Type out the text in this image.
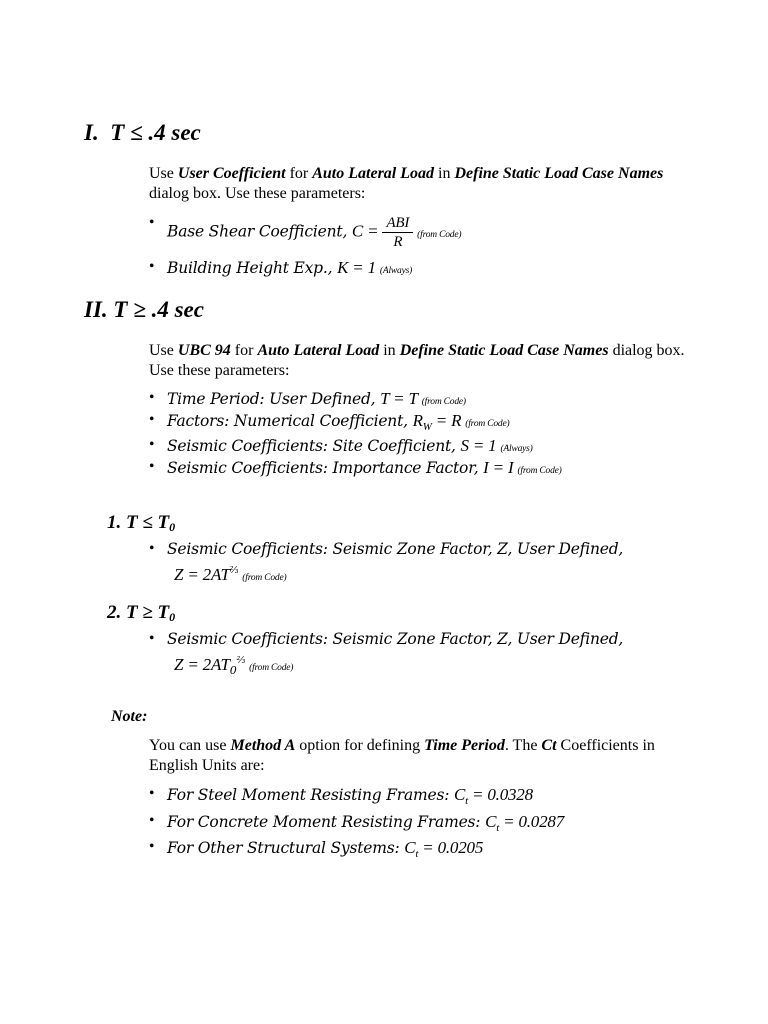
I. T ≤ .4 sec
Use User Coefficient for Auto Lateral Load in Define Static Load Case Names dialog box. Use these parameters:
• Base Shear Coefficient, $C = \frac{\text{ABI}}{R}$ (from Code)
• Building Height Exp., K = 1 (Always)
II. T ≥ .4 sec
Use UBC 94 for Auto Lateral Load in Define Static Load Case Names dialog box. Use these parameters:
• Time Period: User Defined, T = T (from Code)
• Factors: Numerical Coefficient, $R_W = R$ (from Code)
• Seismic Coefficients: Site Coefficient, S = 1 (Always)
• Seismic Coefficients: Importance Factor, I = I (from Code)
1. $T \le T_0$
• Seismic Coefficients: Seismic Zone Factor, Z, User Defined,
$Z = 2AT^{\frac{2}{3}}(from$ Code)
2. $T \ge T_0$
• Seismic Coefficients: Seismic Zone Factor, Z, User Defined,
$Z = 2AT_0^{\frac{2}{3}}(from$ Code)
Note:
You can use Method A option for defining Time Period. The Ct Coefficients in English Units are:
• For Steel Moment Resisting Frames: $C_t = 0.0328$
• For Concrete Moment Resisting Frames: $C_t = 0.0287$
• For Other Structural Systems: $C_t = 0.0205$
